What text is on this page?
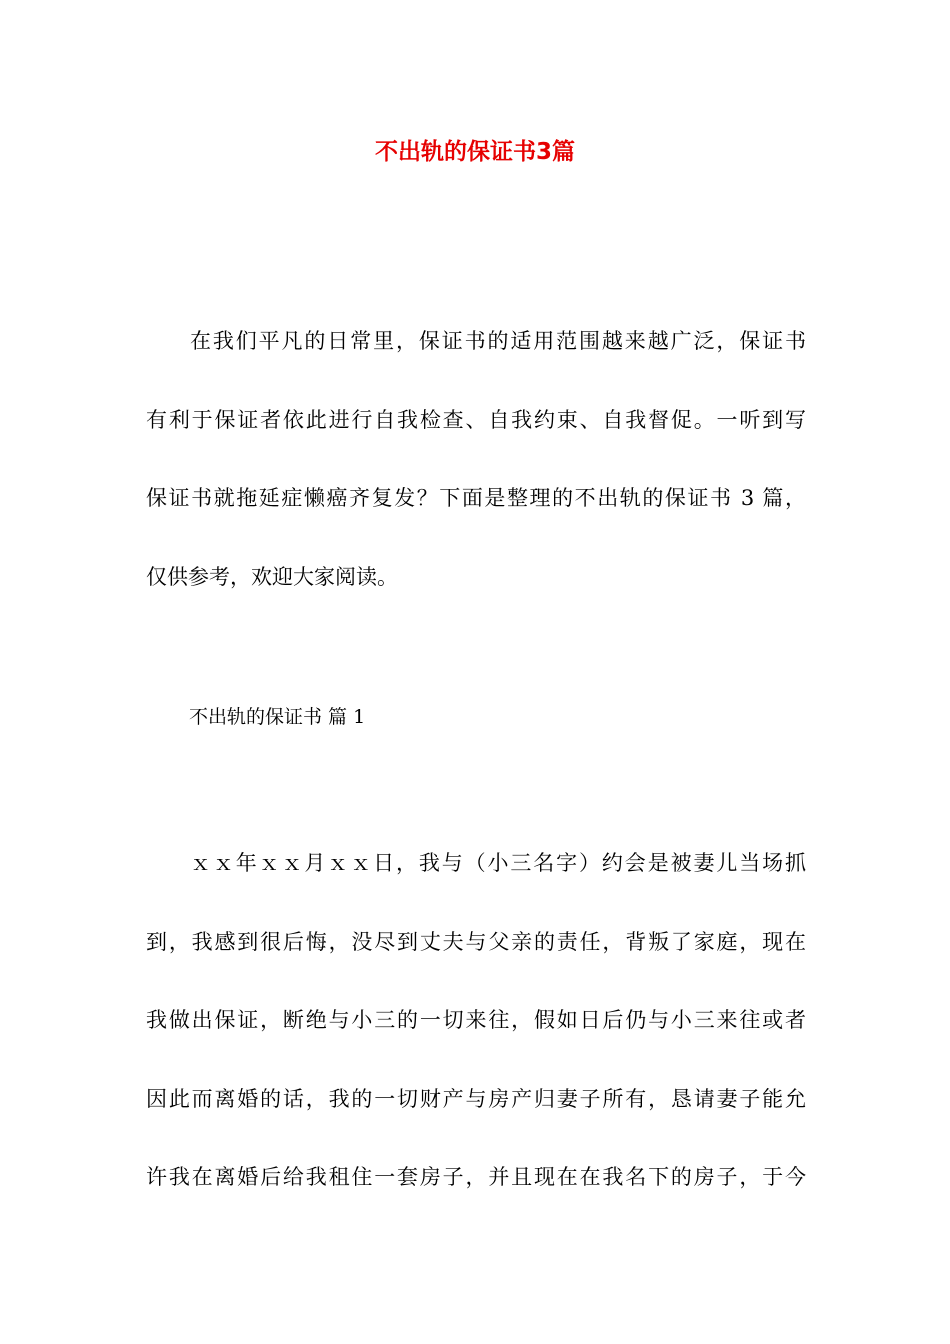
不出轨的保证书3篇
在我们平凡的日常里，保证书的适用范围越来越广泛，保证书
有利于保证者依此进行自我检查、自我约束、自我督促。一听到写
保证书就拖延症懒癌齐复发？下面是整理的不出轨的保证书 3 篇，
仅供参考，欢迎大家阅读。

不出轨的保证书 篇 1

ｘｘ年ｘｘ月ｘｘ日，我与（小三名字）约会是被妻儿当场抓
到，我感到很后悔，没尽到丈夫与父亲的责任，背叛了家庭，现在
我做出保证，断绝与小三的一切来往，假如日后仍与小三来往或者
因此而离婚的话，我的一切财产与房产归妻子所有，恳请妻子能允
许我在离婚后给我租住一套房子，并且现在在我名下的房子，于今
